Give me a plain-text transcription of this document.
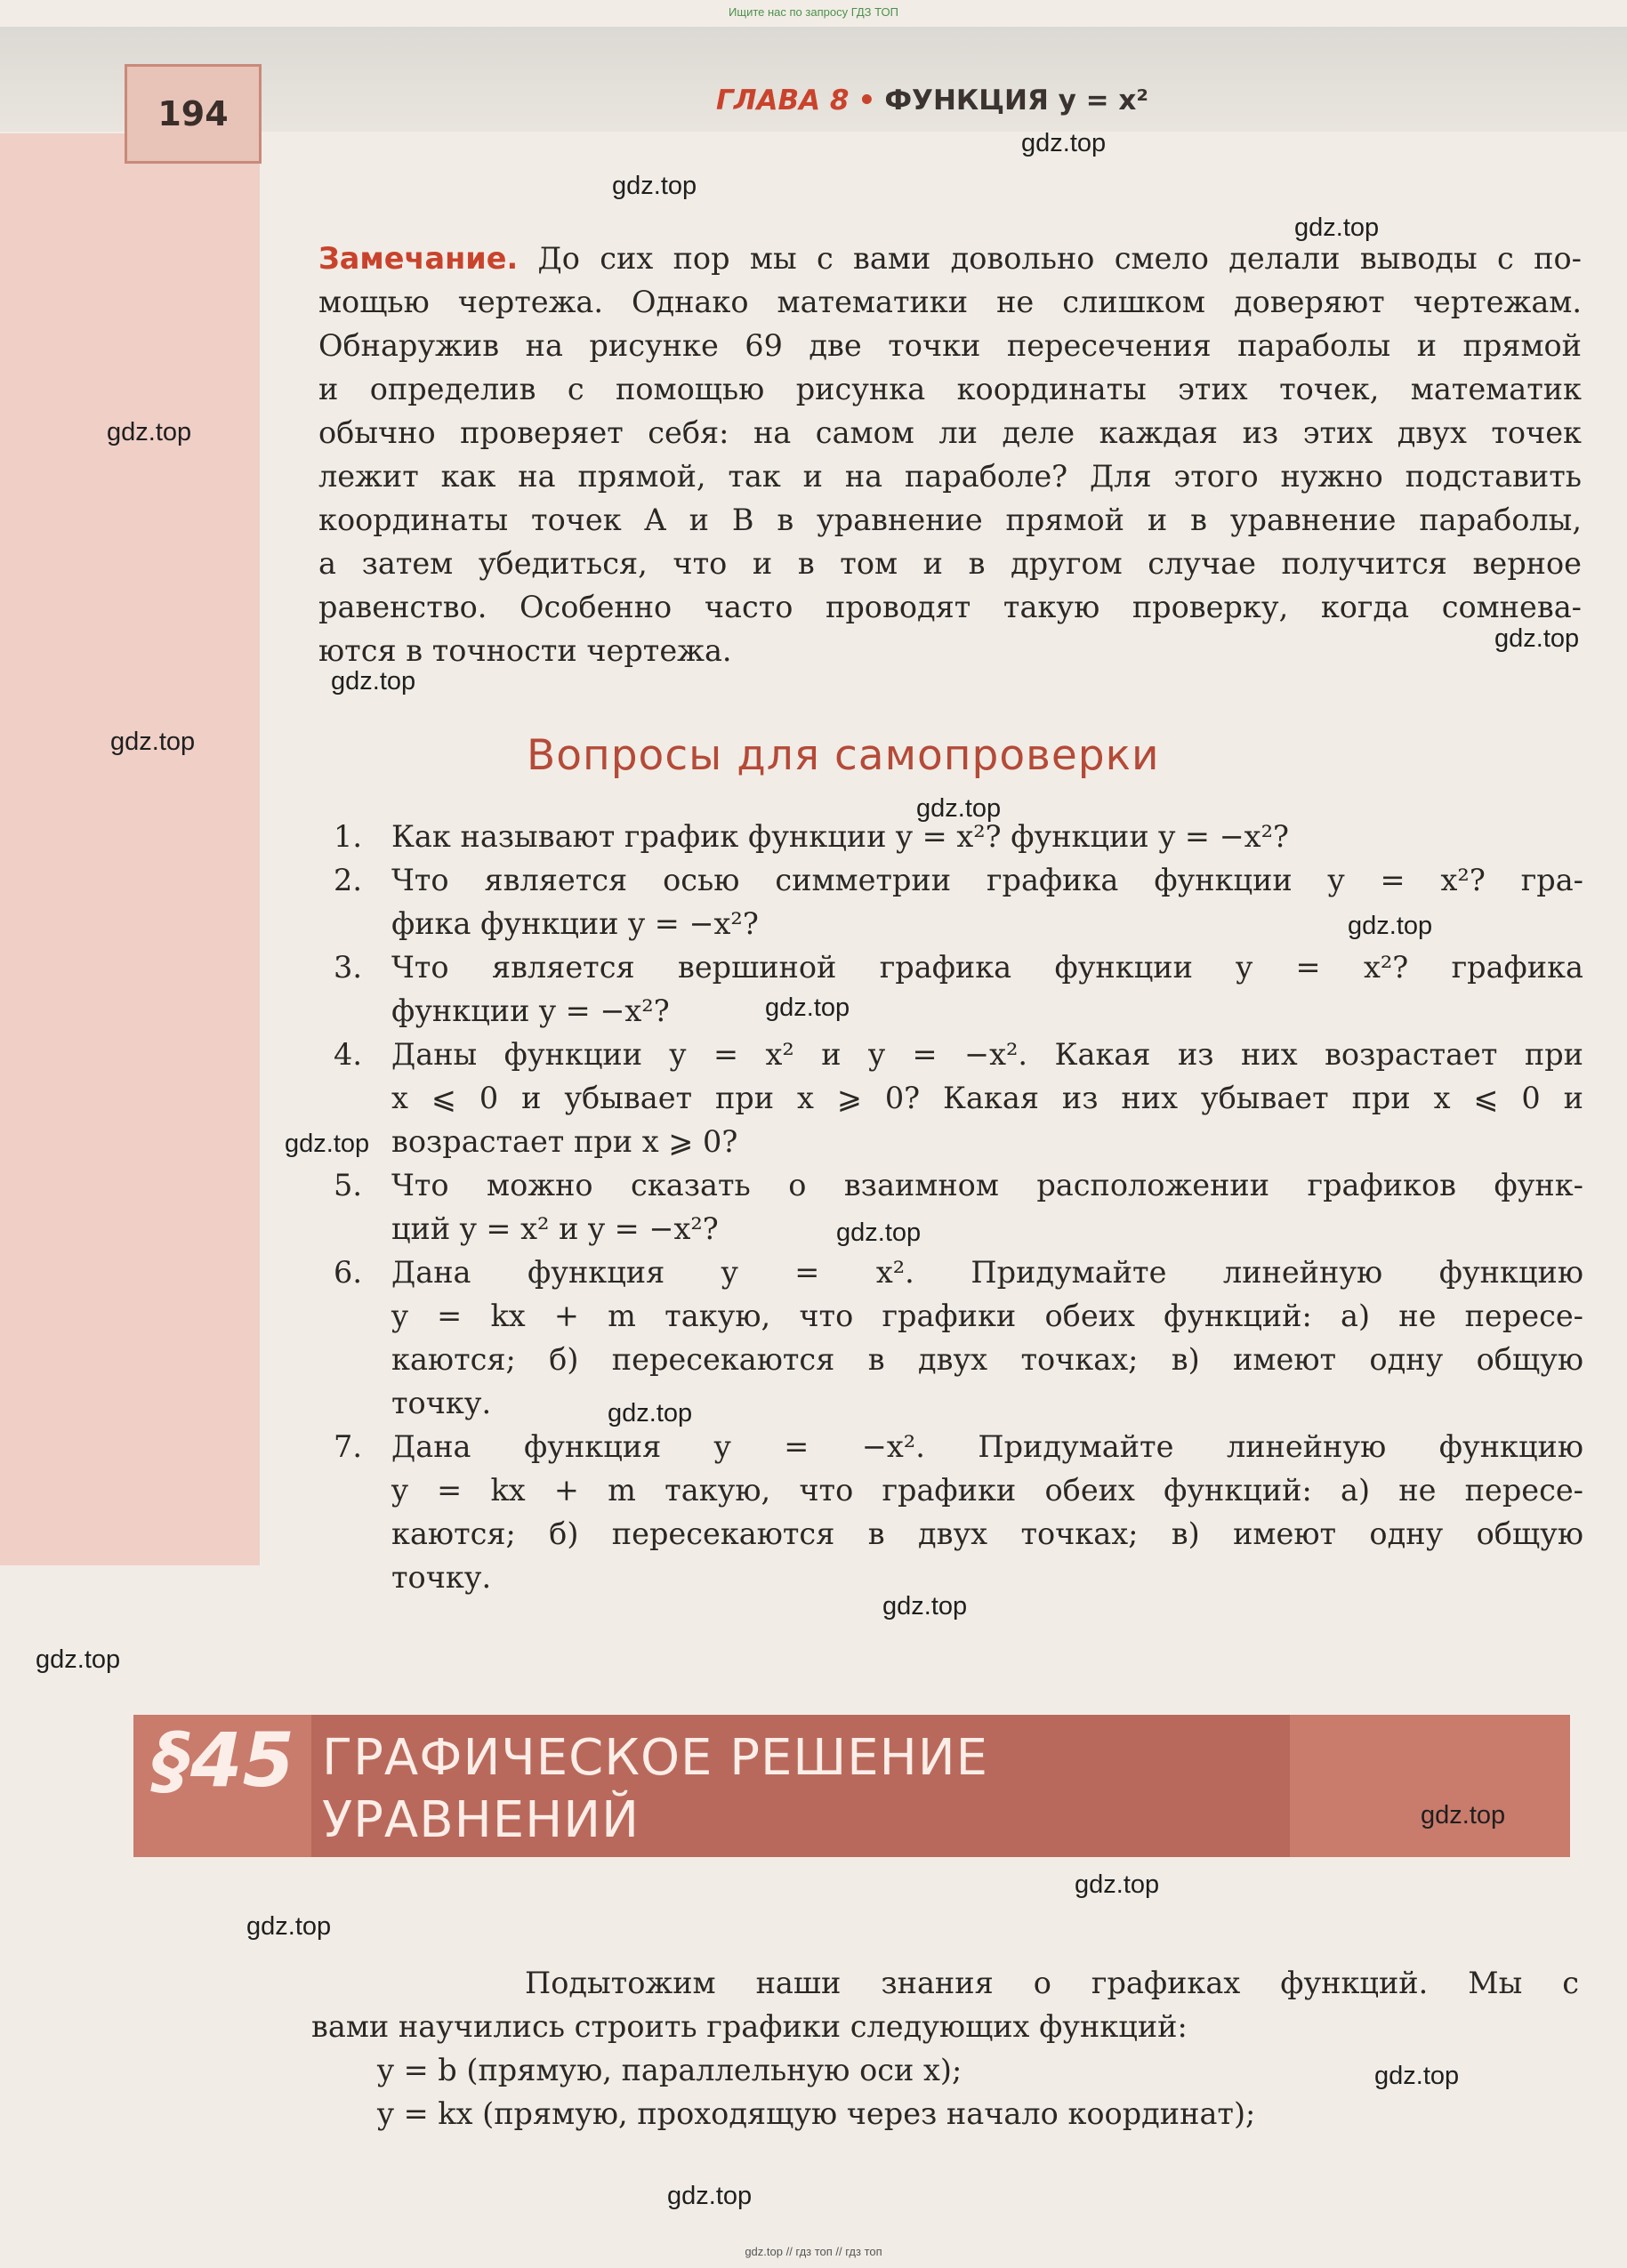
Ищите нас по запросу ГДЗ ТОП
194	ГЛАВА 8 • ФУНКЦИЯ y = x²
Замечание. До сих пор мы с вами довольно смело делали выводы с по-
мощью чертежа. Однако математики не слишком доверяют чертежам.
Обнаружив на рисунке 69 две точки пересечения параболы и прямой
и определив с помощью рисунка координаты этих точек, математик
обычно проверяет себя: на самом ли деле каждая из этих двух точек
лежит как на прямой, так и на параболе? Для этого нужно подставить
координаты точек A и B в уравнение прямой и в уравнение параболы,
а затем убедиться, что и в том и в другом случае получится верное
равенство. Особенно часто проводят такую проверку, когда сомнева-
ются в точности чертежа.
Вопросы для самопроверки
1. Как называют график функции y = x²? функции y = −x²?
2. Что является осью симметрии графика функции y = x²? гра-
фика функции y = −x²?
3. Что является вершиной графика функции y = x²? графика
функции y = −x²?
4. Даны функции y = x² и y = −x². Какая из них возрастает при
x ⩽ 0 и убывает при x ⩾ 0? Какая из них убывает при x ⩽ 0 и
возрастает при x ⩾ 0?
5. Что можно сказать о взаимном расположении графиков функ-
ций y = x² и y = −x²?
6. Дана функция y = x². Придумайте линейную функцию
y = kx + m такую, что графики обеих функций: а) не пересе-
каются; б) пересекаются в двух точках; в) имеют одну общую
точку.
7. Дана функция y = −x². Придумайте линейную функцию
y = kx + m такую, что графики обеих функций: а) не пересе-
каются; б) пересекаются в двух точках; в) имеют одну общую
точку.
§45 ГРАФИЧЕСКОЕ РЕШЕНИЕ
УРАВНЕНИЙ
Подытожим наши знания о графиках функций. Мы с
вами научились строить графики следующих функций:
y = b (прямую, параллельную оси x);
y = kx (прямую, проходящую через начало координат);
gdz.top
gdz.top
gdz.top
gdz.top
gdz.top
gdz.top
gdz.top
gdz.top
gdz.top
gdz.top
gdz.top
gdz.top
gdz.top
gdz.top
gdz.top
gdz.top
gdz.top
gdz.top
gdz.top
gdz.top
gdz.top // гдз топ // гдз топ
